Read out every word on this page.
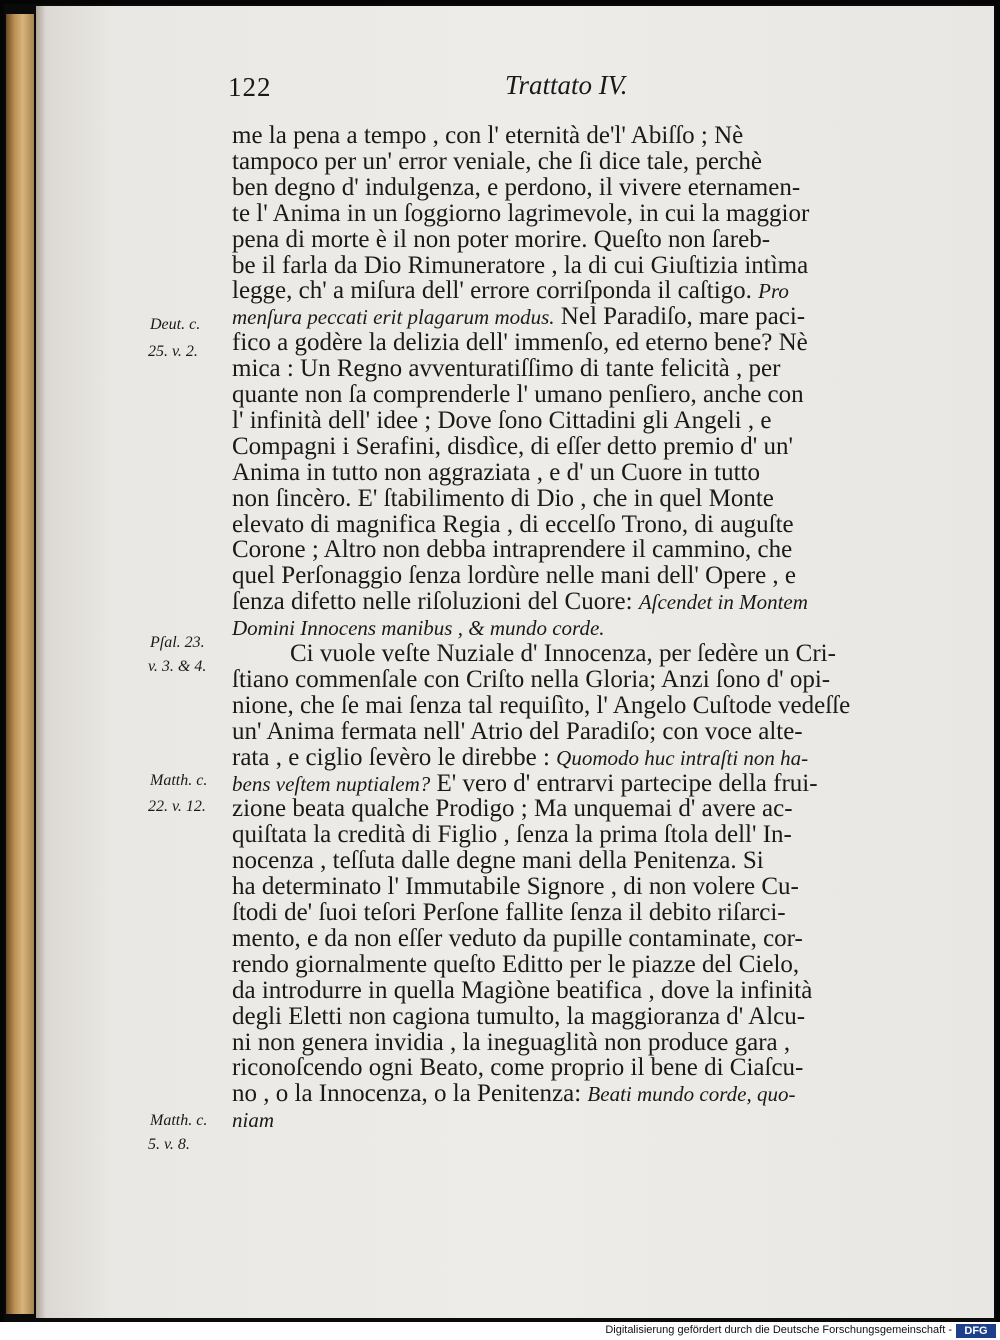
122	Trattato IV.
me la pena a tempo , con l' eternità de'l' Abiſſo ; Nè
tampoco per un' error veniale, che ſi dice tale, perchè
ben degno d' indulgenza, e perdono, il vivere eternamen-
te l' Anima in un ſoggiorno lagrimevole, in cui la maggior
pena di morte è il non poter morire. Queſto non ſareb-
be il farla da Dio Rimuneratore , la di cui Giuſtizia intìma
legge, ch' a miſura dell' errore corriſponda il caſtigo. Pro
menſura peccati erit plagarum modus. Nel Paradiſo, mare paci-
fico a godère la delizia dell' immenſo, ed eterno bene? Nè
mica : Un Regno avventuratiſſimo di tante felicità , per
quante non ſa comprenderle l' umano penſiero, anche con
l' infinità dell' idee ; Dove ſono Cittadini gli Angeli , e
Compagni i Serafini, disdìce, di eſſer detto premio d' un'
Anima in tutto non aggraziata , e d' un Cuore in tutto
non ſincèro. E' ſtabilimento di Dio , che in quel Monte
elevato di magnifica Regia , di eccelſo Trono, di auguſte
Corone ; Altro non debba intraprendere il cammino, che
quel Perſonaggio ſenza lordùre nelle mani dell' Opere , e
ſenza difetto nelle riſoluzioni del Cuore: Aſcendet in Montem
Domini Innocens manibus , & mundo corde.
Ci vuole veſte Nuziale d' Innocenza, per ſedère un Cri-
ſtiano commenſale con Criſto nella Gloria; Anzi ſono d' opi-
nione, che ſe mai ſenza tal requiſìto, l' Angelo Cuſtode vedeſſe
un' Anima fermata nell' Atrio del Paradiſo; con voce alte-
rata , e ciglio ſevèro le direbbe : Quomodo huc intraſti non ha-
bens veſtem nuptialem? E' vero d' entrarvi partecipe della frui-
zione beata qualche Prodigo ; Ma unquemai d' avere ac-
quiſtata la credità di Figlio , ſenza la prima ſtola dell' In-
nocenza , teſſuta dalle degne mani della Penitenza. Si
ha determinato l' Immutabile Signore , di non volere Cu-
ſtodi de' ſuoi teſori Perſone fallite ſenza il debito riſarci-
mento, e da non eſſer veduto da pupille contaminate, cor-
rendo giornalmente queſto Editto per le piazze del Cielo,
da introdurre in quella Magiòne beatifica , dove la infinità
degli Eletti non cagiona tumulto, la maggioranza d' Alcu-
ni non genera invidia , la ineguaglità non produce gara ,
riconoſcendo ogni Beato, come proprio il bene di Ciaſcu-
no , o la Innocenza, o la Penitenza: Beati mundo corde, quo-
niam
Deut. c.
25. v. 2.
Pſal. 23.
v. 3. & 4.
Matth. c.
22. v. 12.
Matth. c.
5. v. 8.
Digitalisierung gefördert durch die Deutsche Forschungsgemeinschaft -	DFG
